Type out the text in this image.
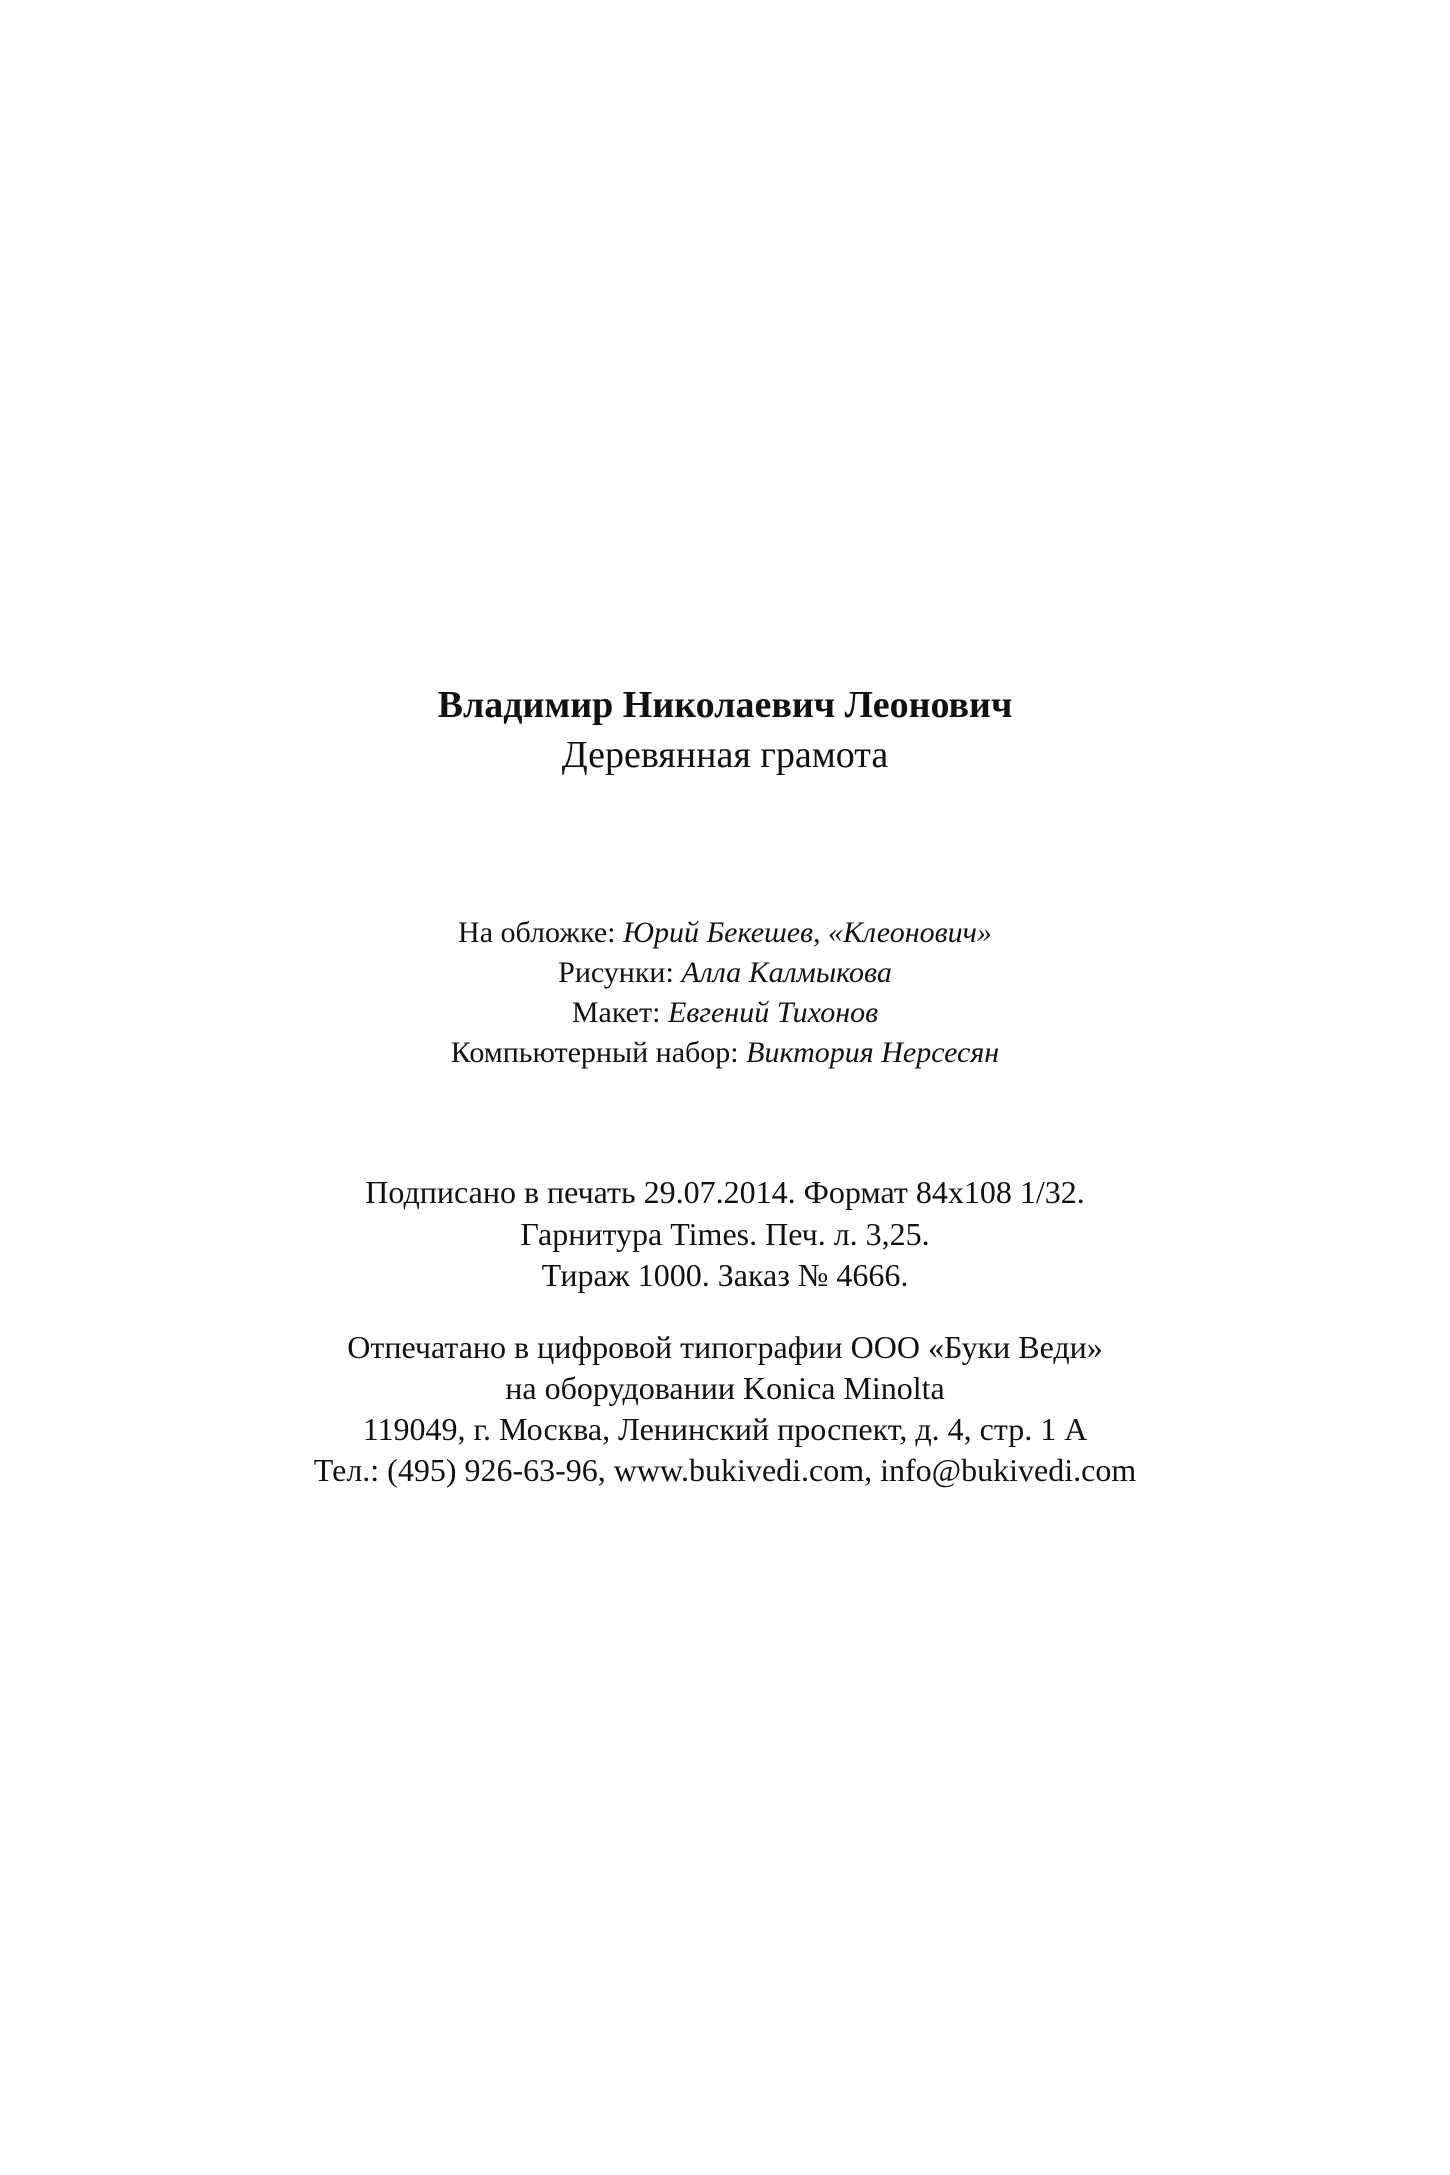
Владимир Николаевич Леонович
Деревянная грамота
На обложке: Юрий Бекешев, «Клеонович»
Рисунки: Алла Калмыкова
Макет: Евгений Тихонов
Компьютерный набор: Виктория Нерсесян
Подписано в печать 29.07.2014. Формат 84x108 1/32.
Гарнитура Times. Печ. л. 3,25.
Тираж 1000. Заказ № 4666.
Отпечатано в цифровой типографии ООО «Буки Веди»
на оборудовании Konica Minolta
119049, г. Москва, Ленинский проспект, д. 4, стр. 1 А
Тел.: (495) 926-63-96, www.bukivedi.com, info@bukivedi.com
